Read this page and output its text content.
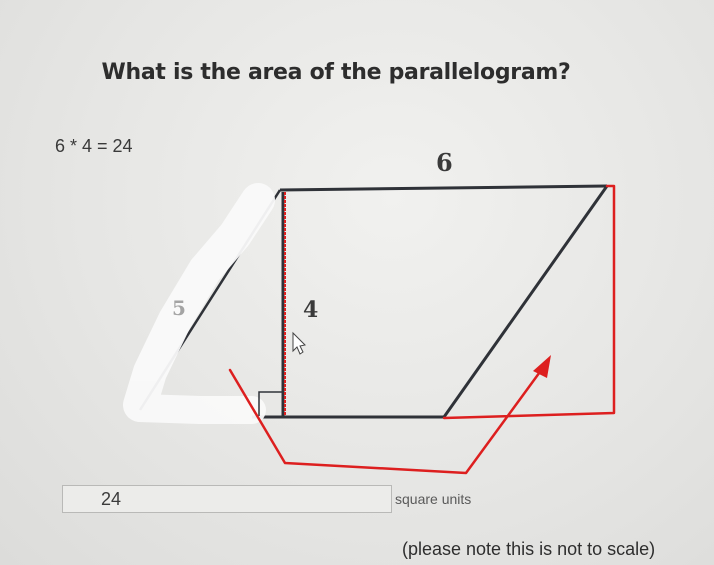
What is the area of the parallelogram?
6 * 4 = 24
6
4
5
24
square units
(please note this is not to scale)
